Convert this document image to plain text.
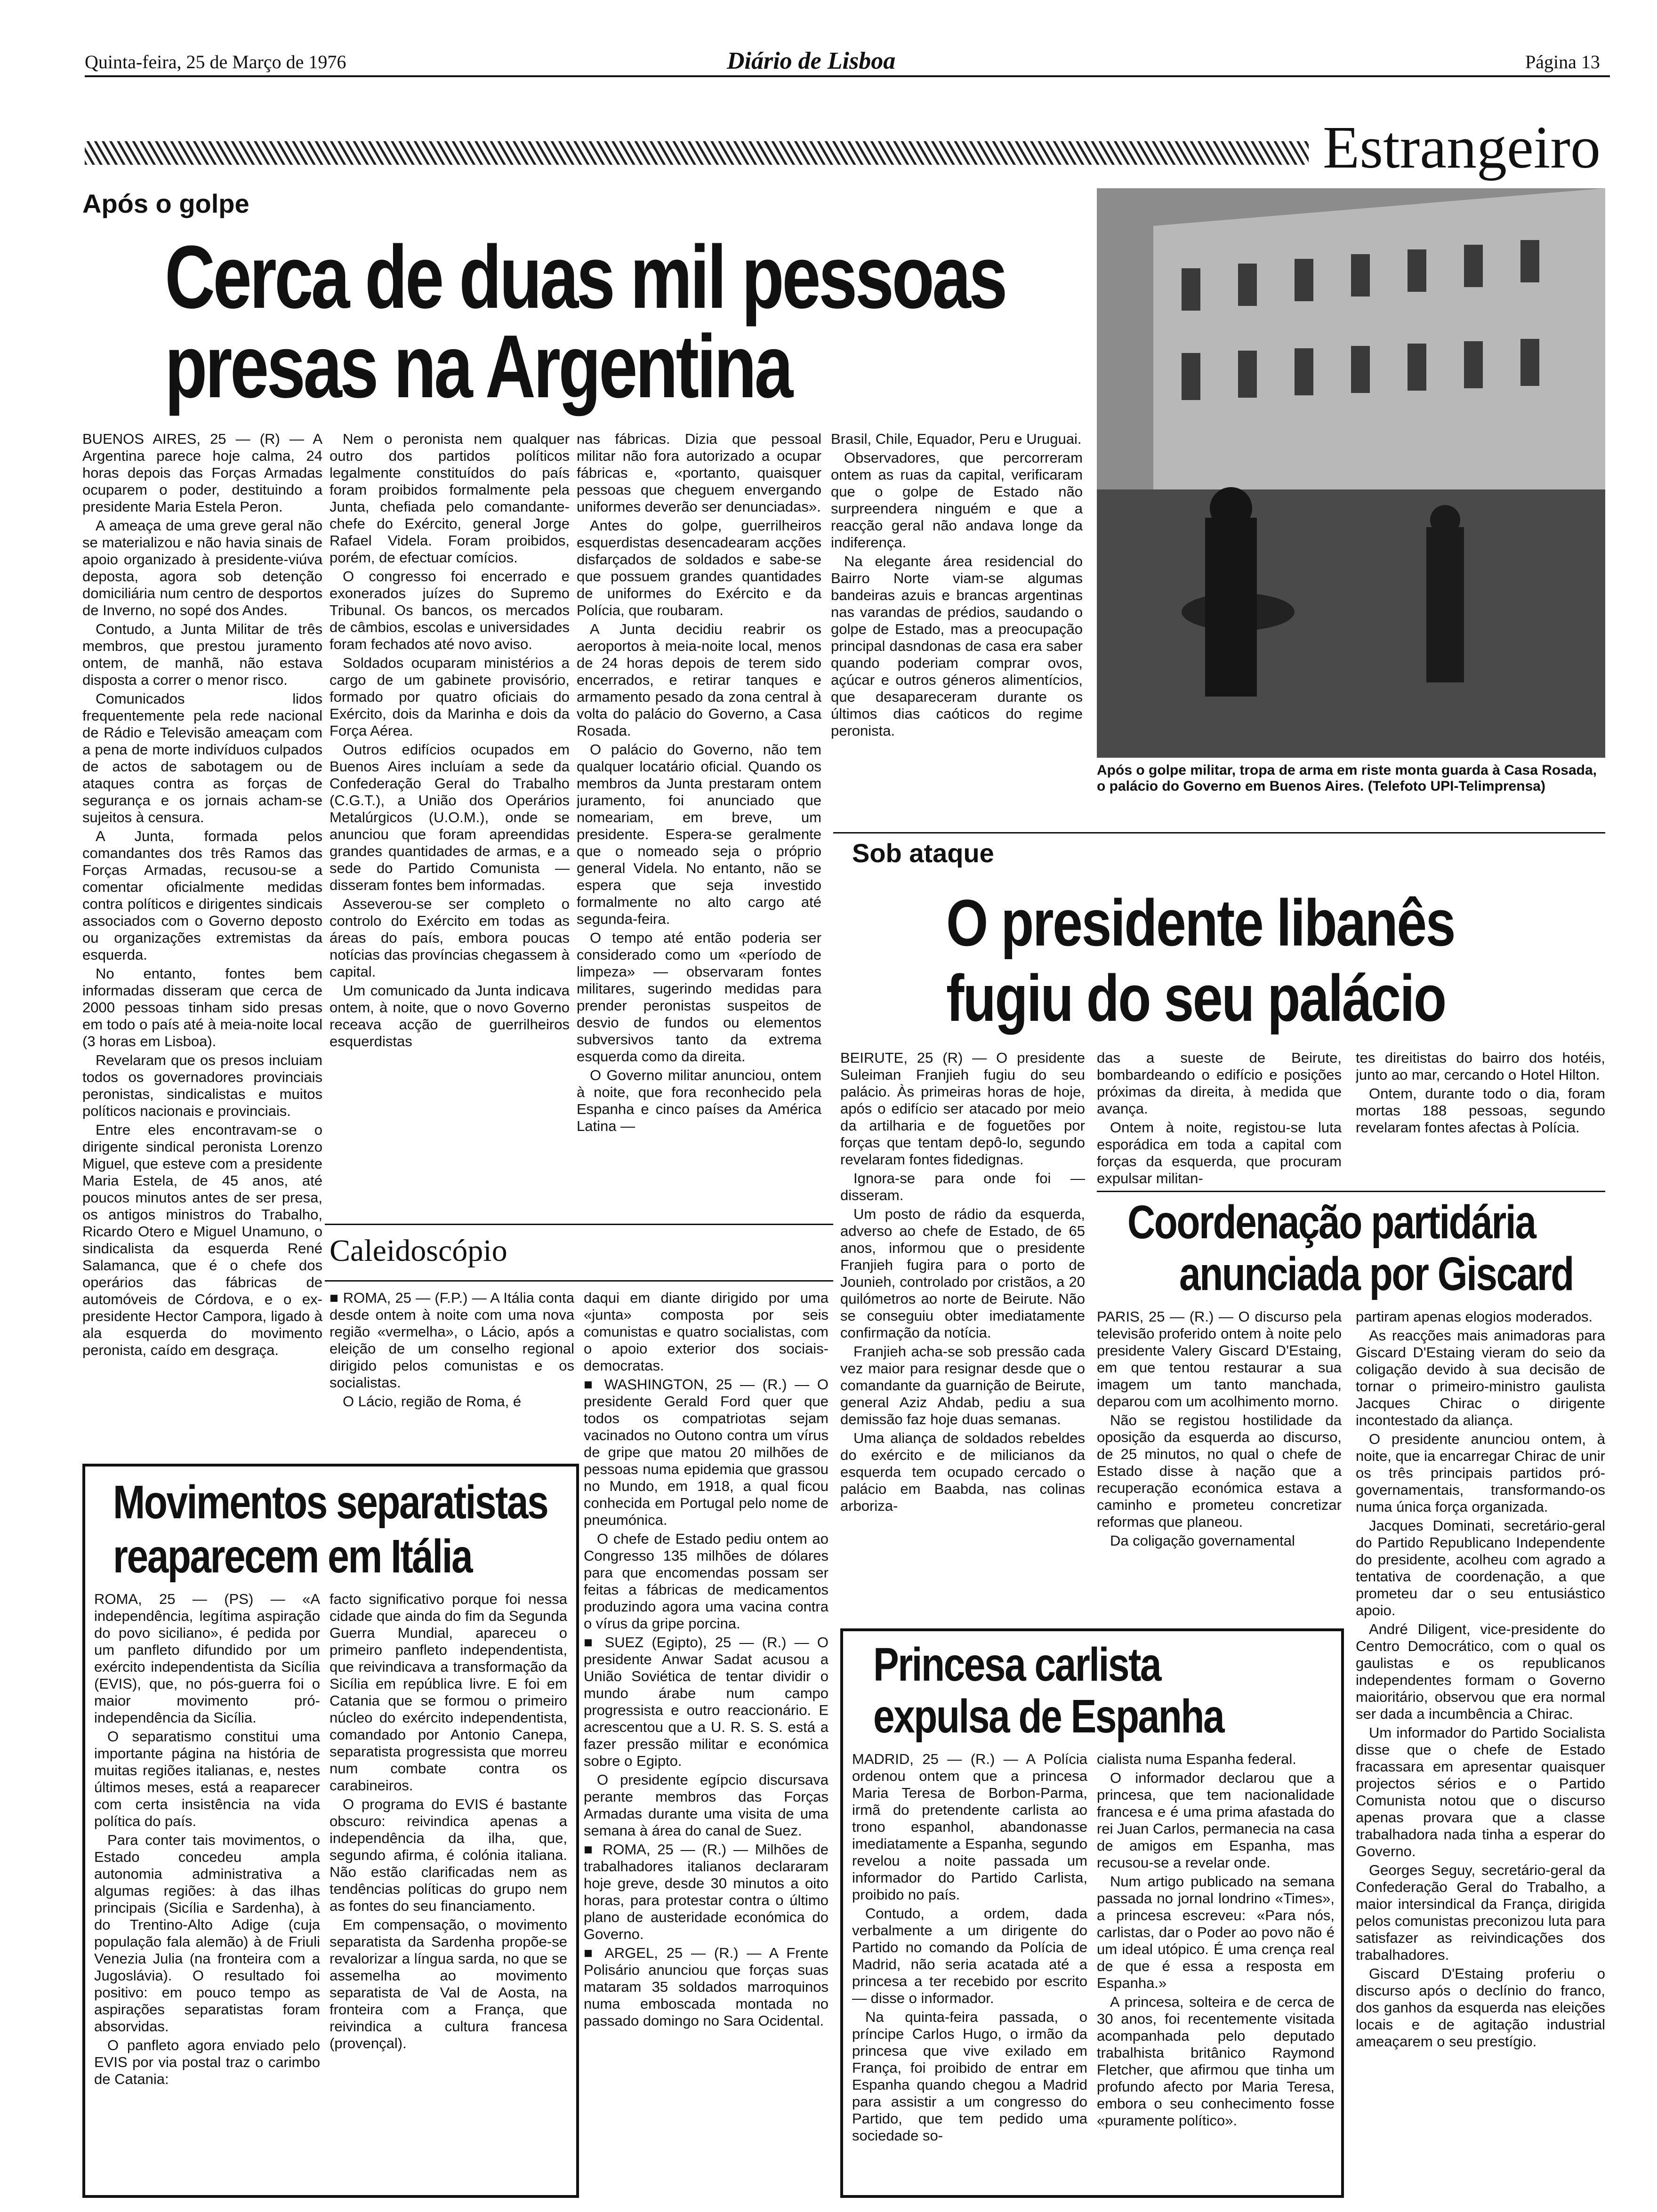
Quinta-feira, 25 de Março de 1976	Diário de Lisboa	Página 13
Estrangeiro
Após o golpe
Cerca de duas mil pessoas
presas na Argentina

BUENOS AIRES, 25 — (R) — A Argentina parece hoje calma, 24 horas depois das Forças Armadas ocuparem o poder, destituindo a presidente Maria Estela Peron.

A ameaça de uma greve geral não se materializou e não havia sinais de apoio organizado à presidente-viúva deposta, agora sob detenção domiciliária num centro de desportos de Inverno, no sopé dos Andes.

Contudo, a Junta Militar de três membros, que prestou juramento ontem, de manhã, não estava disposta a correr o menor risco.

Comunicados lidos frequentemente pela rede nacional de Rádio e Televisão ameaçam com a pena de morte indivíduos culpados de actos de sabotagem ou de ataques contra as forças de segurança e os jornais acham-se sujeitos à censura.

A Junta, formada pelos comandantes dos três Ramos das Forças Armadas, recusou-se a comentar oficialmente medidas contra políticos e dirigentes sindicais associados com o Governo deposto ou organizações extremistas da esquerda.

No entanto, fontes bem informadas disseram que cerca de 2000 pessoas tinham sido presas em todo o país até à meia-noite local (3 horas em Lisboa).

Revelaram que os presos incluiam todos os governadores provinciais peronistas, sindicalistas e muitos políticos nacionais e provinciais.

Entre eles encontravam-se o dirigente sindical peronista Lorenzo Miguel, que esteve com a presidente Maria Estela, de 45 anos, até poucos minutos antes de ser presa, os antigos ministros do Trabalho, Ricardo Otero e Miguel Unamuno, o sindicalista da esquerda René Salamanca, que é o chefe dos operários das fábricas de automóveis de Córdova, e o ex-presidente Hector Campora, ligado à ala esquerda do movimento peronista, caído em desgraça.

Nem o peronista nem qualquer outro dos partidos políticos legalmente constituídos do país foram proibidos formalmente pela Junta, chefiada pelo comandante-chefe do Exército, general Jorge Rafael Videla. Foram proibidos, porém, de efectuar comícios.

O congresso foi encerrado e exonerados juízes do Supremo Tribunal. Os bancos, os mercados de câmbios, escolas e universidades foram fechados até novo aviso.

Soldados ocuparam ministérios a cargo de um gabinete provisório, formado por quatro oficiais do Exército, dois da Marinha e dois da Força Aérea.

Outros edifícios ocupados em Buenos Aires incluíam a sede da Confederação Geral do Trabalho (C.G.T.), a União dos Operários Metalúrgicos (U.O.M.), onde se anunciou que foram apreendidas grandes quantidades de armas, e a sede do Partido Comunista — disseram fontes bem informadas.

Asseverou-se ser completo o controlo do Exército em todas as áreas do país, embora poucas notícias das províncias chegassem à capital.

Um comunicado da Junta indicava ontem, à noite, que o novo Governo receava acção de guerrilheiros esquerdistas

nas fábricas. Dizia que pessoal militar não fora autorizado a ocupar fábricas e, «portanto, quaisquer pessoas que cheguem envergando uniformes deverão ser denunciadas».

Antes do golpe, guerrilheiros esquerdistas desencadearam acções disfarçados de soldados e sabe-se que possuem grandes quantidades de uniformes do Exército e da Polícia, que roubaram.

A Junta decidiu reabrir os aeroportos à meia-noite local, menos de 24 horas depois de terem sido encerrados, e retirar tanques e armamento pesado da zona central à volta do palácio do Governo, a Casa Rosada.

O palácio do Governo, não tem qualquer locatário oficial. Quando os membros da Junta prestaram ontem juramento, foi anunciado que nomeariam, em breve, um presidente. Espera-se geralmente que o nomeado seja o próprio general Videla. No entanto, não se espera que seja investido formalmente no alto cargo até segunda-feira.

O tempo até então poderia ser considerado como um «período de limpeza» — observaram fontes militares, sugerindo medidas para prender peronistas suspeitos de desvio de fundos ou elementos subversivos tanto da extrema esquerda como da direita.

O Governo militar anunciou, ontem à noite, que fora reconhecido pela Espanha e cinco países da América Latina —

Brasil, Chile, Equador, Peru e Uruguai.

Observadores, que percorreram ontem as ruas da capital, verificaram que o golpe de Estado não surpreendera ninguém e que a reacção geral não andava longe da indiferença.

Na elegante área residencial do Bairro Norte viam-se algumas bandeiras azuis e brancas argentinas nas varandas de prédios, saudando o golpe de Estado, mas a preocupação principal dasndonas de casa era saber quando poderiam comprar ovos, açúcar e outros géneros alimentícios, que desapareceram durante os últimos dias caóticos do regime peronista.

Após o golpe militar, tropa de arma em riste monta guarda à Casa Rosada, o palácio do Governo em Buenos Aires. (Telefoto UPI-Telimprensa)
Sob ataque
O presidente libanês
fugiu do seu palácio

BEIRUTE, 25 (R) — O presidente Suleiman Franjieh fugiu do seu palácio. Às primeiras horas de hoje, após o edifício ser atacado por meio da artilharia e de foguetões por forças que tentam depô-lo, segundo revelaram fontes fidedignas.

Ignora-se para onde foi — disseram.

Um posto de rádio da esquerda, adverso ao chefe de Estado, de 65 anos, informou que o presidente Franjieh fugira para o porto de Jounieh, controlado por cristãos, a 20 quilómetros ao norte de Beirute. Não se conseguiu obter imediatamente confirmação da notícia.

Franjieh acha-se sob pressão cada vez maior para resignar desde que o comandante da guarnição de Beirute, general Aziz Ahdab, pediu a sua demissão faz hoje duas semanas.

Uma aliança de soldados rebeldes do exército e de milicianos da esquerda tem ocupado cercado o palácio em Baabda, nas colinas arboriza-

das a sueste de Beirute, bombardeando o edifício e posições próximas da direita, à medida que avança.

Ontem à noite, registou-se luta esporádica em toda a capital com forças da esquerda, que procuram expulsar militan-

tes direitistas do bairro dos hotéis, junto ao mar, cercando o Hotel Hilton.

Ontem, durante todo o dia, foram mortas 188 pessoas, segundo revelaram fontes afectas à Polícia.

Coordenação partidária
anunciada por Giscard

PARIS, 25 — (R.) — O discurso pela televisão proferido ontem à noite pelo presidente Valery Giscard D'Estaing, em que tentou restaurar a sua imagem um tanto manchada, deparou com um acolhimento morno.

Não se registou hostilidade da oposição da esquerda ao discurso, de 25 minutos, no qual o chefe de Estado disse à nação que a recuperação económica estava a caminho e prometeu concretizar reformas que planeou.

Da coligação governamental

partiram apenas elogios moderados.

As reacções mais animadoras para Giscard D'Estaing vieram do seio da coligação devido à sua decisão de tornar o primeiro-ministro gaulista Jacques Chirac o dirigente incontestado da aliança.

O presidente anunciou ontem, à noite, que ia encarregar Chirac de unir os três principais partidos pró-governamentais, transformando-os numa única força organizada.

Jacques Dominati, secretário-geral do Partido Republicano Independente do presidente, acolheu com agrado a tentativa de coordenação, a que prometeu dar o seu entusiástico apoio.

André Diligent, vice-presidente do Centro Democrático, com o qual os gaulistas e os republicanos independentes formam o Governo maioritário, observou que era normal ser dada a incumbência a Chirac.

Um informador do Partido Socialista disse que o chefe de Estado fracassara em apresentar quaisquer projectos sérios e o Partido Comunista notou que o discurso apenas provara que a classe trabalhadora nada tinha a esperar do Governo.

Georges Seguy, secretário-geral da Confederação Geral do Trabalho, a maior intersindical da França, dirigida pelos comunistas preconizou luta para satisfazer as reivindicações dos trabalhadores.

Giscard D'Estaing proferiu o discurso após o declínio do franco, dos ganhos da esquerda nas eleições locais e de agitação industrial ameaçarem o seu prestígio.

Caleidoscópio

■ ROMA, 25 — (F.P.) — A Itália conta desde ontem à noite com uma nova região «vermelha», o Lácio, após a eleição de um conselho regional dirigido pelos comunistas e os socialistas.

O Lácio, região de Roma, é

daqui em diante dirigido por uma «junta» composta por seis comunistas e quatro socialistas, com o apoio exterior dos sociais-democratas.

■ WASHINGTON, 25 — (R.) — O presidente Gerald Ford quer que todos os compatriotas sejam vacinados no Outono contra um vírus de gripe que matou 20 milhões de pessoas numa epidemia que grassou no Mundo, em 1918, a qual ficou conhecida em Portugal pelo nome de pneumónica.

O chefe de Estado pediu ontem ao Congresso 135 milhões de dólares para que encomendas possam ser feitas a fábricas de medicamentos produzindo agora uma vacina contra o vírus da gripe porcina.

■ SUEZ (Egipto), 25 — (R.) — O presidente Anwar Sadat acusou a União Soviética de tentar dividir o mundo árabe num campo progressista e outro reaccionário. E acrescentou que a U. R. S. S. está a fazer pressão militar e económica sobre o Egipto.

O presidente egípcio discursava perante membros das Forças Armadas durante uma visita de uma semana à área do canal de Suez.

■ ROMA, 25 — (R.) — Milhões de trabalhadores italianos declararam hoje greve, desde 30 minutos a oito horas, para protestar contra o último plano de austeridade económica do Governo.

■ ARGEL, 25 — (R.) — A Frente Polisário anunciou que forças suas mataram 35 soldados marroquinos numa emboscada montada no passado domingo no Sara Ocidental.

Movimentos separatistas
reaparecem em Itália

ROMA, 25 — (PS) — «A independência, legítima aspiração do povo siciliano», é pedida por um panfleto difundido por um exército independentista da Sicília (EVIS), que, no pós-guerra foi o maior movimento pró-independência da Sicília.

O separatismo constitui uma importante página na história de muitas regiões italianas, e, nestes últimos meses, está a reaparecer com certa insistência na vida política do país.

Para conter tais movimentos, o Estado concedeu ampla autonomia administrativa a algumas regiões: à das ilhas principais (Sicília e Sardenha), à do Trentino-Alto Adige (cuja população fala alemão) à de Friuli Venezia Julia (na fronteira com a Jugoslávia). O resultado foi positivo: em pouco tempo as aspirações separatistas foram absorvidas.

O panfleto agora enviado pelo EVIS por via postal traz o carimbo de Catania:

facto significativo porque foi nessa cidade que ainda do fim da Segunda Guerra Mundial, apareceu o primeiro panfleto independentista, que reivindicava a transformação da Sicília em república livre. E foi em Catania que se formou o primeiro núcleo do exército independentista, comandado por Antonio Canepa, separatista progressista que morreu num combate contra os carabineiros.

O programa do EVIS é bastante obscuro: reivindica apenas a independência da ilha, que, segundo afirma, é colónia italiana. Não estão clarificadas nem as tendências políticas do grupo nem as fontes do seu financiamento.

Em compensação, o movimento separatista da Sardenha propõe-se revalorizar a língua sarda, no que se assemelha ao movimento separatista de Val de Aosta, na fronteira com a França, que reivindica a cultura francesa (provençal).

Princesa carlista
expulsa de Espanha

MADRID, 25 — (R.) — A Polícia ordenou ontem que a princesa Maria Teresa de Borbon-Parma, irmã do pretendente carlista ao trono espanhol, abandonasse imediatamente a Espanha, segundo revelou a noite passada um informador do Partido Carlista, proibido no país.

Contudo, a ordem, dada verbalmente a um dirigente do Partido no comando da Polícia de Madrid, não seria acatada até a princesa a ter recebido por escrito — disse o informador.

Na quinta-feira passada, o príncipe Carlos Hugo, o irmão da princesa que vive exilado em França, foi proibido de entrar em Espanha quando chegou a Madrid para assistir a um congresso do Partido, que tem pedido uma sociedade so-

cialista numa Espanha federal.

O informador declarou que a princesa, que tem nacionalidade francesa e é uma prima afastada do rei Juan Carlos, permanecia na casa de amigos em Espanha, mas recusou-se a revelar onde.

Num artigo publicado na semana passada no jornal londrino «Times», a princesa escreveu: «Para nós, carlistas, dar o Poder ao povo não é um ideal utópico. É uma crença real de que é essa a resposta em Espanha.»

A princesa, solteira e de cerca de 30 anos, foi recentemente visitada acompanhada pelo deputado trabalhista britânico Raymond Fletcher, que afirmou que tinha um profundo afecto por Maria Teresa, embora o seu conhecimento fosse «puramente político».
